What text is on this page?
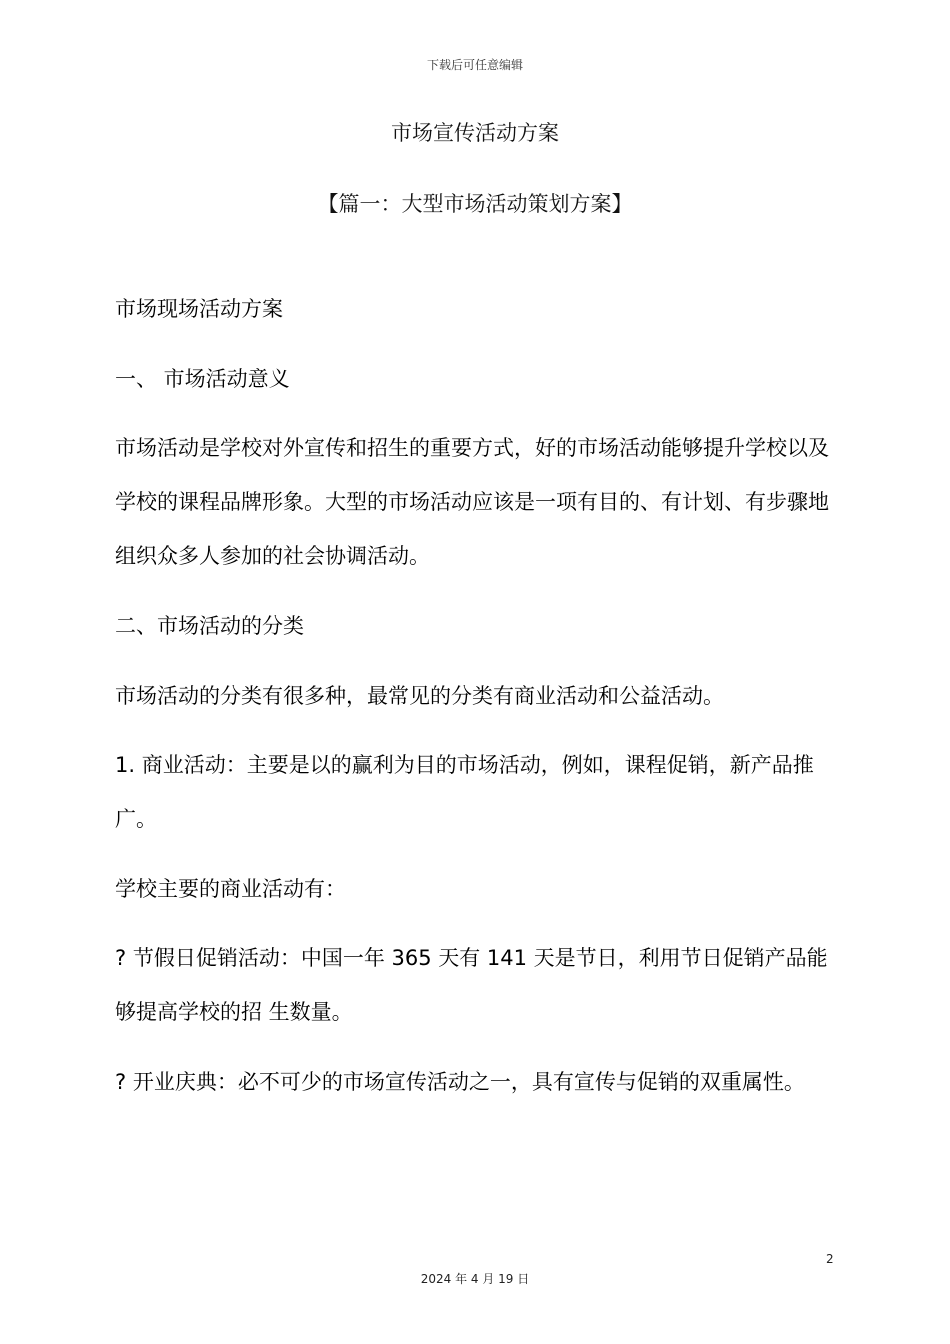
下载后可任意编辑
市场宣传活动方案
【篇一：大型市场活动策划方案】
市场现场活动方案
一、 市场活动意义
市场活动是学校对外宣传和招生的重要方式，好的市场活动能够提升学校以及学校的课程品牌形象。大型的市场活动应该是一项有目的、有计划、有步骤地组织众多人参加的社会协调活动。
二、市场活动的分类
市场活动的分类有很多种，最常见的分类有商业活动和公益活动。
1. 商业活动：主要是以的赢利为目的市场活动，例如，课程促销，新产品推广。
学校主要的商业活动有：
? 节假日促销活动：中国一年 365 天有 141 天是节日，利用节日促销产品能够提高学校的招 生数量。
? 开业庆典：必不可少的市场宣传活动之一，具有宣传与促销的双重属性。
2
2024 年 4 月 19 日
